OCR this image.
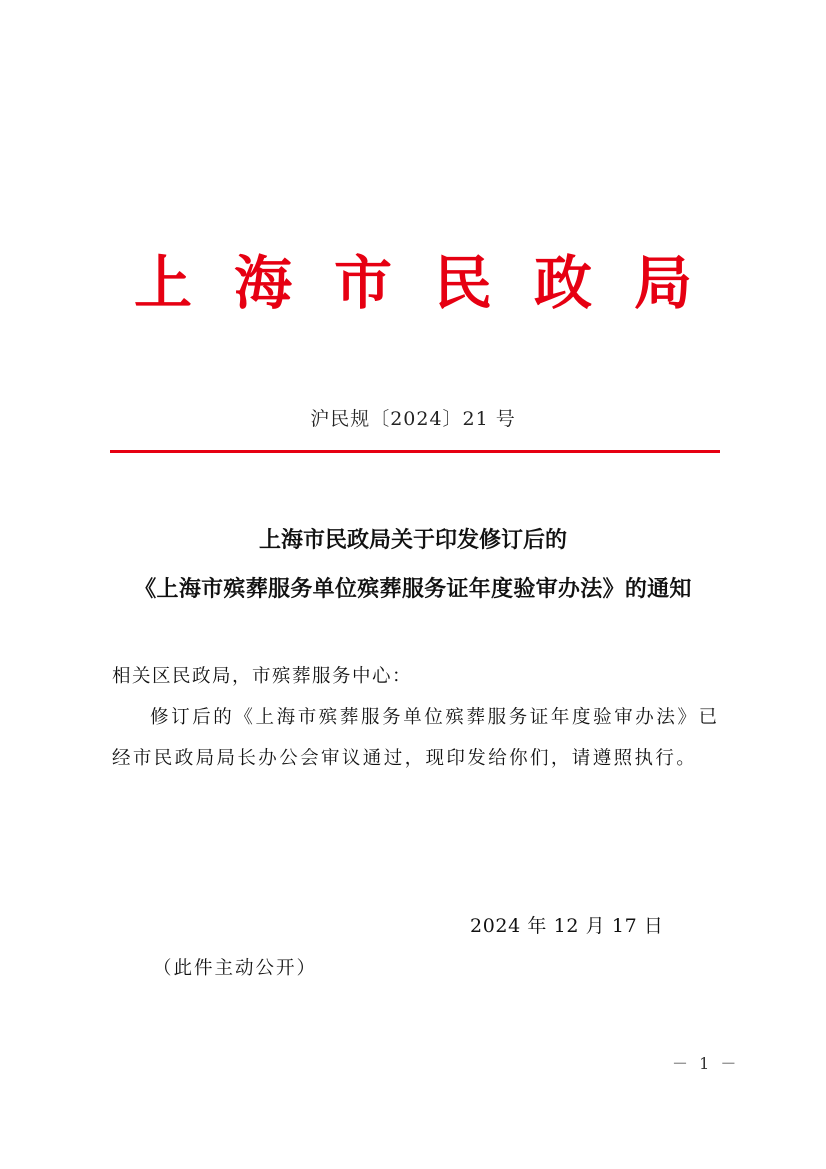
上 海 市 民 政 局
沪民规〔2024〕21 号
上海市民政局关于印发修订后的
《上海市殡葬服务单位殡葬服务证年度验审办法》的通知
相关区民政局，市殡葬服务中心：
修订后的《上海市殡葬服务单位殡葬服务证年度验审办法》已
经市民政局局长办公会审议通过，现印发给你们，请遵照执行。
2024 年 12 月 17 日
（此件主动公开）
－ 1 －
